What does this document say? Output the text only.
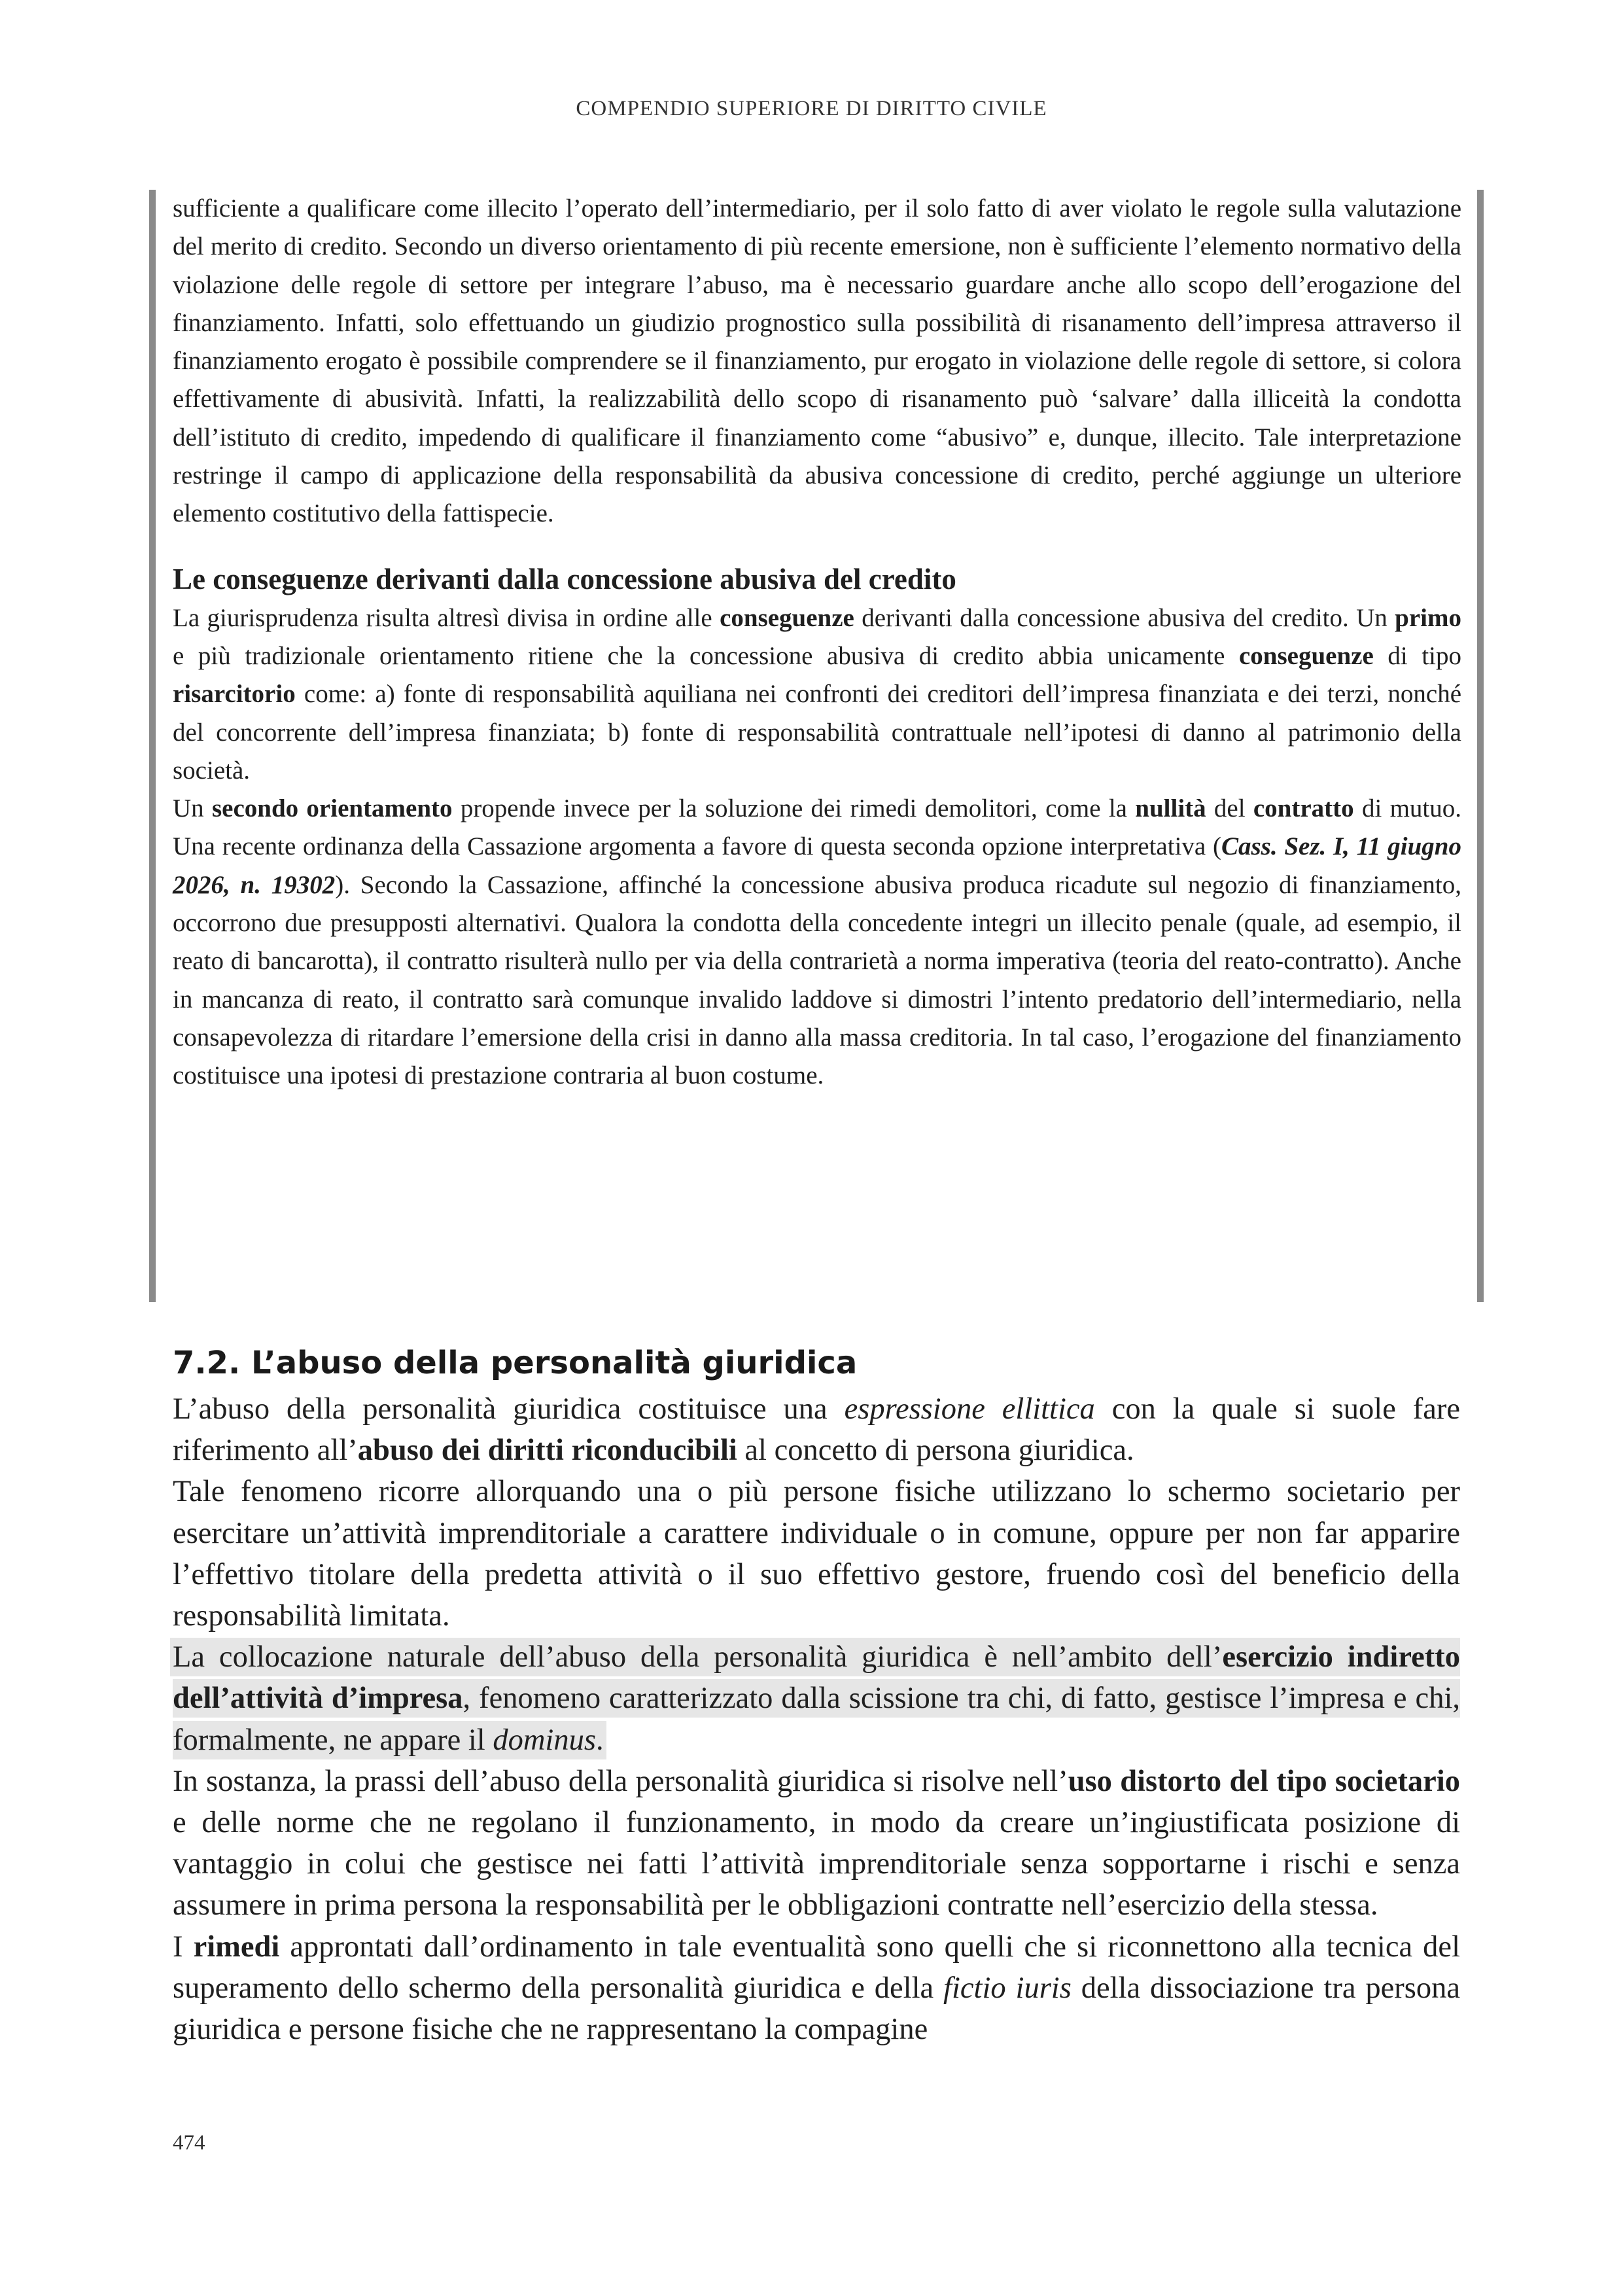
COMPENDIO SUPERIORE DI DIRITTO CIVILE

sufficiente a qualificare come illecito l’operato dell’intermediario, per il solo fatto di aver violato le regole sulla valutazione del merito di credito. Secondo un diverso orientamento di più recente emersione, non è sufficiente l’elemento normativo della violazione delle regole di settore per integrare l’abuso, ma è necessario guardare anche allo scopo dell’erogazione del finanziamento. Infatti, solo effettuando un giudizio prognostico sulla possibilità di risanamento dell’impresa attraverso il finanziamento erogato è possibile comprendere se il finanziamento, pur erogato in violazione delle regole di settore, si colora effettivamente di abusività. Infatti, la realizzabilità dello scopo di risanamento può ‘salvare’ dalla illiceità la condotta dell’istituto di credito, impedendo di qualificare il finanziamento come “abusivo” e, dunque, illecito. Tale interpretazione restringe il campo di applicazione della responsabilità da abusiva concessione di credito, perché aggiunge un ulteriore elemento costitutivo della fattispecie.

Le conseguenze derivanti dalla concessione abusiva del credito

La giurisprudenza risulta altresì divisa in ordine alle conseguenze derivanti dalla concessione abusiva del credito. Un primo e più tradizionale orientamento ritiene che la concessione abusiva di credito abbia unicamente conseguenze di tipo risarcitorio come: a) fonte di responsabilità aquiliana nei confronti dei creditori dell’impresa finanziata e dei terzi, nonché del concorrente dell’impresa finanziata; b) fonte di responsabilità contrattuale nell’ipotesi di danno al patrimonio della società.

Un secondo orientamento propende invece per la soluzione dei rimedi demolitori, come la nullità del contratto di mutuo. Una recente ordinanza della Cassazione argomenta a favore di questa seconda opzione interpretativa (Cass. Sez. I, 11 giugno 2026, n. 19302). Secondo la Cassazione, affinché la concessione abusiva produca ricadute sul negozio di finanziamento, occorrono due presupposti alternativi. Qualora la condotta della concedente integri un illecito penale (quale, ad esempio, il reato di bancarotta), il contratto risulterà nullo per via della contrarietà a norma imperativa (teoria del reato-contratto). Anche in mancanza di reato, il contratto sarà comunque invalido laddove si dimostri l’intento predatorio dell’intermediario, nella consapevolezza di ritardare l’emersione della crisi in danno alla massa creditoria. In tal caso, l’erogazione del finanziamento costituisce una ipotesi di prestazione contraria al buon costume.

7.2. L’abuso della personalità giuridica

L’abuso della personalità giuridica costituisce una espressione ellittica con la quale si suole fare riferimento all’abuso dei diritti riconducibili al concetto di persona giuridica.

Tale fenomeno ricorre allorquando una o più persone fisiche utilizzano lo schermo societario per esercitare un’attività imprenditoriale a carattere individuale o in comune, oppure per non far apparire l’effettivo titolare della predetta attività o il suo effettivo gestore, fruendo così del beneficio della responsabilità limitata.

La collocazione naturale dell’abuso della personalità giuridica è nell’ambito dell’esercizio indiretto dell’attività d’impresa, fenomeno caratterizzato dalla scissione tra chi, di fatto, gestisce l’impresa e chi, formalmente, ne appare il dominus.

In sostanza, la prassi dell’abuso della personalità giuridica si risolve nell’uso distorto del tipo societario e delle norme che ne regolano il funzionamento, in modo da creare un’ingiustificata posizione di vantaggio in colui che gestisce nei fatti l’attività imprenditoriale senza sopportarne i rischi e senza assumere in prima persona la responsabilità per le obbligazioni contratte nell’esercizio della stessa.

I rimedi approntati dall’ordinamento in tale eventualità sono quelli che si riconnettono alla tecnica del superamento dello schermo della personalità giuridica e della fictio iuris della dissociazione tra persona giuridica e persone fisiche che ne rappresentano la compagine

474
